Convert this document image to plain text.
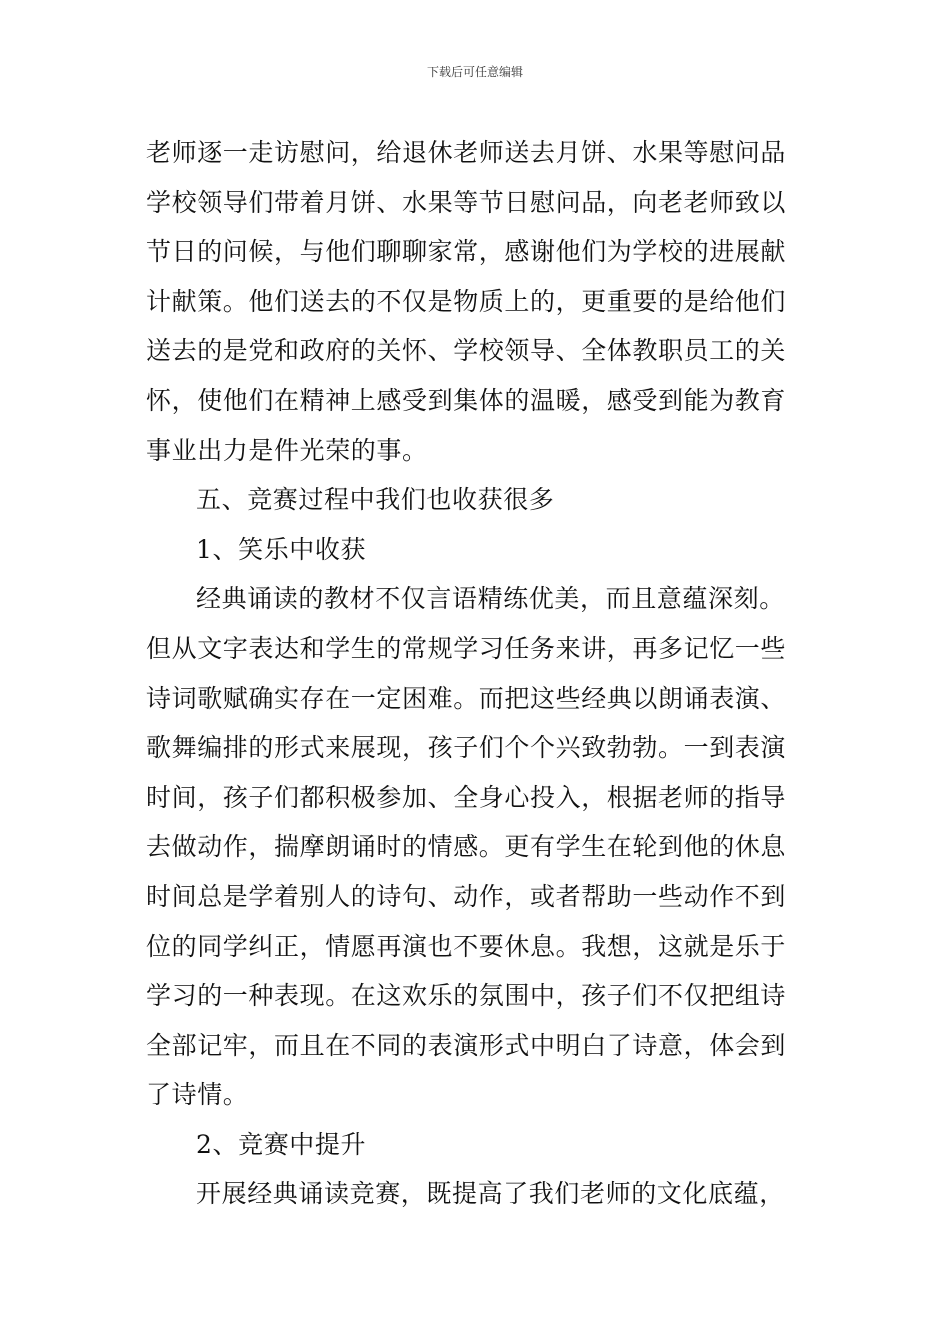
下载后可任意编辑
老师逐一走访慰问，给退休老师送去月饼、水果等慰问品
学校领导们带着月饼、水果等节日慰问品，向老老师致以
节日的问候，与他们聊聊家常，感谢他们为学校的进展献
计献策。他们送去的不仅是物质上的，更重要的是给他们
送去的是党和政府的关怀、学校领导、全体教职员工的关
怀，使他们在精神上感受到集体的温暖，感受到能为教育
事业出力是件光荣的事。
五、竞赛过程中我们也收获很多
1、笑乐中收获
经典诵读的教材不仅言语精练优美，而且意蕴深刻。
但从文字表达和学生的常规学习任务来讲，再多记忆一些
诗词歌赋确实存在一定困难。而把这些经典以朗诵表演、
歌舞编排的形式来展现，孩子们个个兴致勃勃。一到表演
时间，孩子们都积极参加、全身心投入，根据老师的指导
去做动作，揣摩朗诵时的情感。更有学生在轮到他的休息
时间总是学着别人的诗句、动作，或者帮助一些动作不到
位的同学纠正，情愿再演也不要休息。我想，这就是乐于
学习的一种表现。在这欢乐的氛围中，孩子们不仅把组诗
全部记牢，而且在不同的表演形式中明白了诗意，体会到
了诗情。
2、竞赛中提升
开展经典诵读竞赛，既提高了我们老师的文化底蕴，
